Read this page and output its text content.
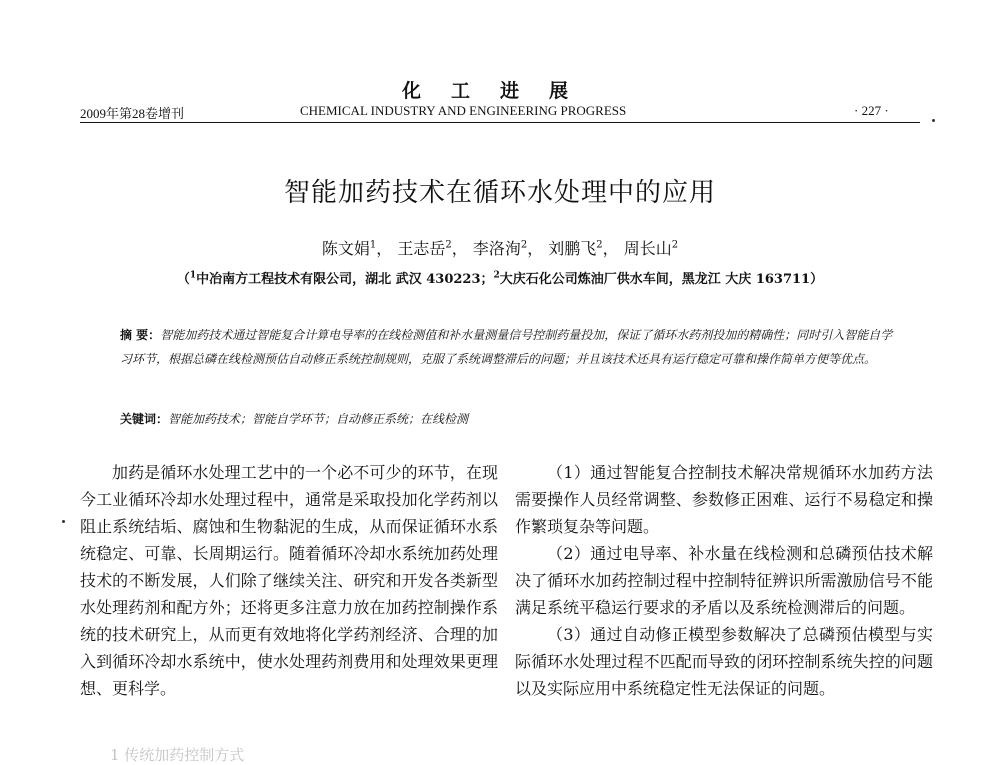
化工进展
2009年第28卷增刊	CHEMICAL INDUSTRY AND ENGINEERING PROGRESS	· 227 ·
智能加药技术在循环水处理中的应用
陈文娟$^1$， 王志岳$^2$， 李洛洵$^2$， 刘鹏飞$^2$， 周长山$^2$
（$^1$中冶南方工程技术有限公司，湖北 武汉 430223；$^2$大庆石化公司炼油厂供水车间，黑龙江 大庆 163711）
摘 要：智能加药技术通过智能复合计算电导率的在线检测值和补水量测量信号控制药量投加，保证了循环水药剂投加的精确性；同时引入智能自学习环节，根据总磷在线检测预估自动修正系统控制规则，克服了系统调整滞后的问题；并且该技术还具有运行稳定可靠和操作简单方便等优点。
关键词：智能加药技术；智能自学环节；自动修正系统；在线检测

加药是循环水处理工艺中的一个必不可少的环节，在现今工业循环冷却水处理过程中，通常是采取投加化学药剂以阻止系统结垢、腐蚀和生物黏泥的生成，从而保证循环水系统稳定、可靠、长周期运行。随着循环冷却水系统加药处理技术的不断发展，人们除了继续关注、研究和开发各类新型水处理药剂和配方外；还将更多注意力放在加药控制操作系统的技术研究上，从而更有效地将化学药剂经济、合理的加入到循环冷却水系统中，使水处理药剂费用和处理效果更理想、更科学。

（1）通过智能复合控制技术解决常规循环水加药方法需要操作人员经常调整、参数修正困难、运行不易稳定和操作繁琐复杂等问题。

（2）通过电导率、补水量在线检测和总磷预估技术解决了循环水加药控制过程中控制特征辨识所需激励信号不能满足系统平稳运行要求的矛盾以及系统检测滞后的问题。

（3）通过自动修正模型参数解决了总磷预估模型与实际循环水处理过程不匹配而导致的闭环控制系统失控的问题以及实际应用中系统稳定性无法保证的问题。

1 传统加药控制方式
